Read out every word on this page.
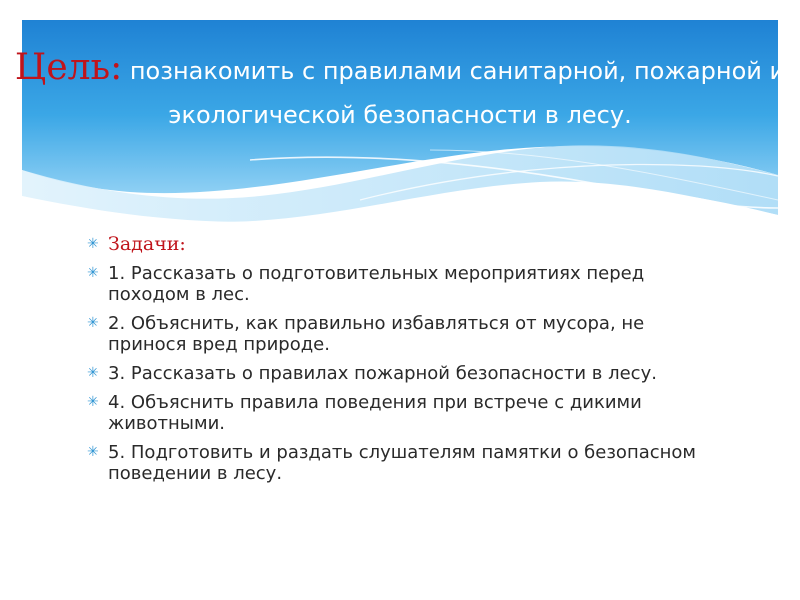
Цель: познакомить с правилами санитарной, пожарной и экологической безопасности в лесу.
✳ Задачи:
✳ 1. Рассказать о подготовительных мероприятиях перед походом в лес.
✳ 2. Объяснить, как правильно избавляться от мусора, не принося вред природе.
✳ 3. Рассказать о правилах пожарной безопасности в лесу.
✳ 4. Объяснить правила поведения при встрече с дикими животными.
✳ 5. Подготовить и раздать слушателям памятки о безопасном поведении в лесу.
